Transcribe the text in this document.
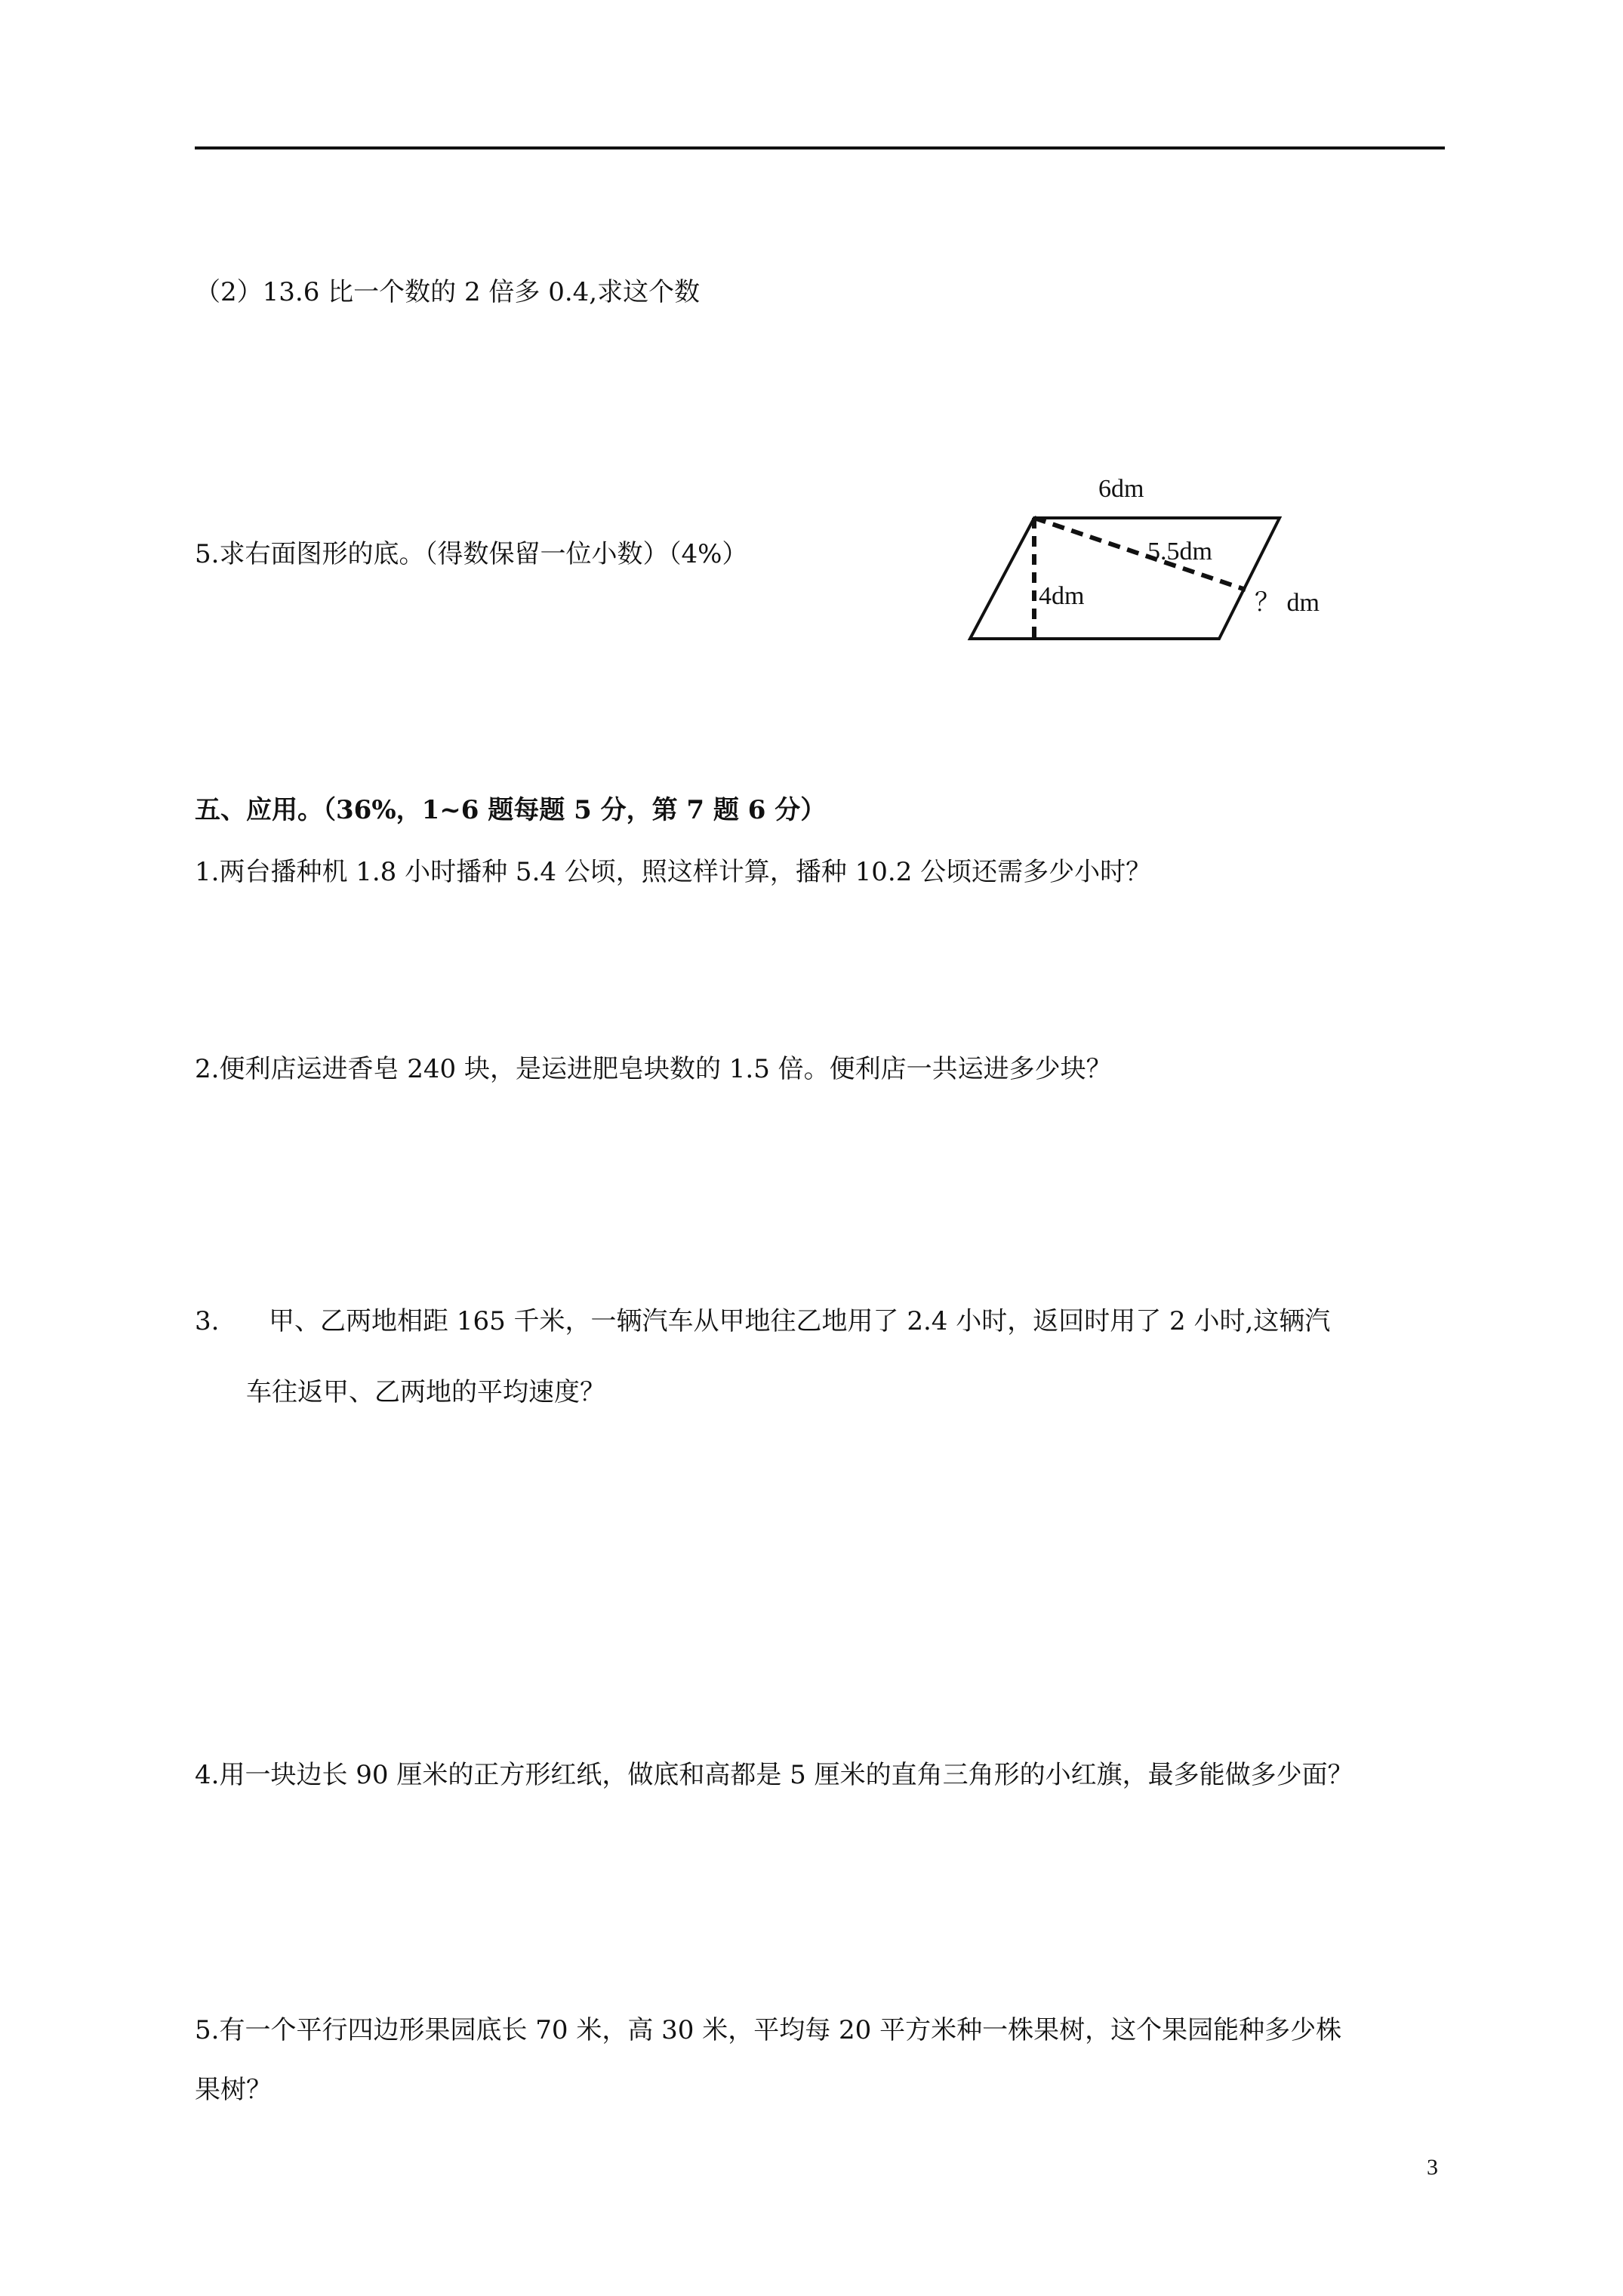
（2）13.6 比一个数的 2 倍多 0.4,求这个数
5.求右面图形的底。（得数保留一位小数）（4%）
6dm
5.5dm
4dm	？ dm
五、应用。（36%，1~6 题每题 5 分，第 7 题 6 分）
1.两台播种机 1.8 小时播种 5.4 公顷，照这样计算，播种 10.2 公顷还需多少小时？
2.便利店运进香皂 240 块，是运进肥皂块数的 1.5 倍。便利店一共运进多少块？
3. 甲、乙两地相距 165 千米，一辆汽车从甲地往乙地用了 2.4 小时，返回时用了 2 小时,这辆汽
车往返甲、乙两地的平均速度？
4.用一块边长 90 厘米的正方形红纸，做底和高都是 5 厘米的直角三角形的小红旗，最多能做多少面？
5.有一个平行四边形果园底长 70 米，高 30 米，平均每 20 平方米种一株果树，这个果园能种多少株
果树？
3
